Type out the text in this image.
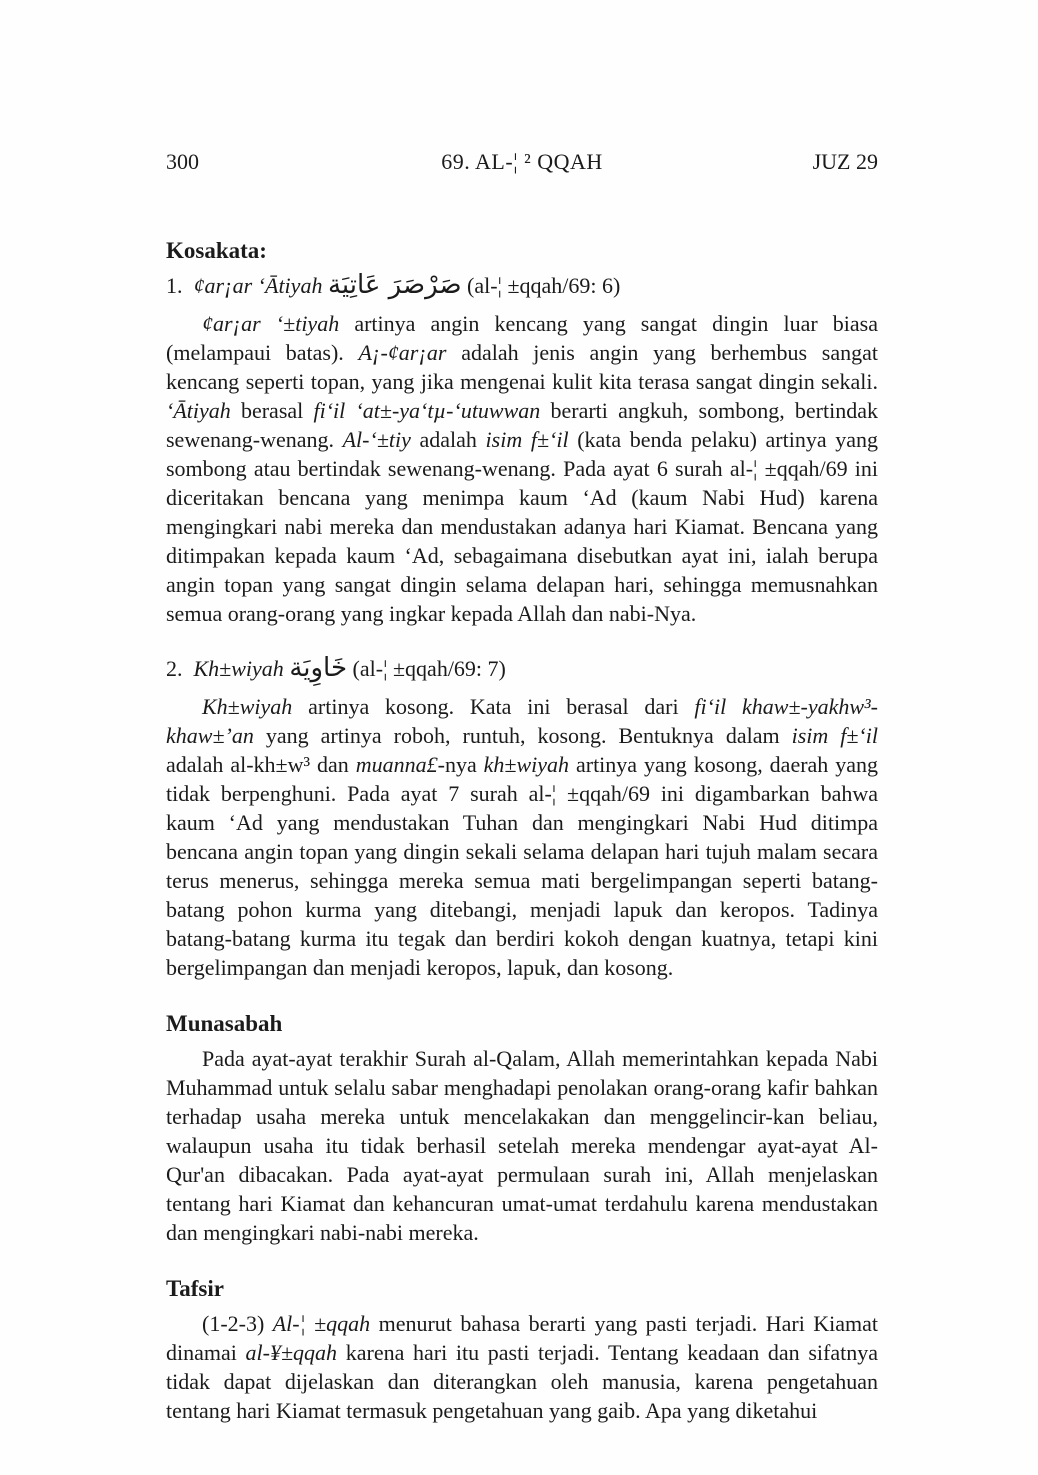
300	69. AL-¦ ² QQAH	JUZ 29
Kosakata:

1.  ¢ar¡ar ‘Ātiyah صَرْصَرَ عَاتِيَة (al-¦ ±qqah/69: 6)

¢ar¡ar ‘±tiyah artinya angin kencang yang sangat dingin luar biasa (melampaui batas). A¡-¢ar¡ar adalah jenis angin yang berhembus sangat kencang seperti topan, yang jika mengenai kulit kita terasa sangat dingin sekali. ‘Ātiyah berasal fi‘il ‘at±-ya‘tµ-‘utuwwan berarti angkuh, sombong, bertindak sewenang-wenang. Al-‘±tiy adalah isim f±‘il (kata benda pelaku) artinya yang sombong atau bertindak sewenang-wenang. Pada ayat 6 surah al-¦ ±qqah/69 ini diceritakan bencana yang menimpa kaum ‘Ad (kaum Nabi Hud) karena mengingkari nabi mereka dan mendustakan adanya hari Kiamat. Bencana yang ditimpakan kepada kaum ‘Ad, sebagaimana disebutkan ayat ini, ialah berupa angin topan yang sangat dingin selama delapan hari, sehingga memusnahkan semua orang-orang yang ingkar kepada Allah dan nabi-Nya.

2.  Kh±wiyah خَاوِيَة (al-¦ ±qqah/69: 7)

Kh±wiyah artinya kosong. Kata ini berasal dari fi‘il khaw±-yakhw³-khaw±’an yang artinya roboh, runtuh, kosong. Bentuknya dalam isim f±‘il adalah al-kh±w³ dan muanna£-nya kh±wiyah artinya yang kosong, daerah yang tidak berpenghuni. Pada ayat 7 surah al-¦ ±qqah/69 ini digambarkan bahwa kaum ‘Ad yang mendustakan Tuhan dan mengingkari Nabi Hud ditimpa bencana angin topan yang dingin sekali selama delapan hari tujuh malam secara terus menerus, sehingga mereka semua mati bergelimpangan seperti batang-batang pohon kurma yang ditebangi, menjadi lapuk dan keropos. Tadinya batang-batang kurma itu tegak dan berdiri kokoh dengan kuatnya, tetapi kini bergelimpangan dan menjadi keropos, lapuk, dan kosong.

Munasabah

Pada ayat-ayat terakhir Surah al-Qalam, Allah memerintahkan kepada Nabi Muhammad untuk selalu sabar menghadapi penolakan orang-orang kafir bahkan terhadap usaha mereka untuk mencelakakan dan menggelincir-kan beliau, walaupun usaha itu tidak berhasil setelah mereka mendengar ayat-ayat Al-Qur'an dibacakan. Pada ayat-ayat permulaan surah ini, Allah menjelaskan tentang hari Kiamat dan kehancuran umat-umat terdahulu karena mendustakan dan mengingkari nabi-nabi mereka.

Tafsir

(1-2-3) Al-¦ ±qqah menurut bahasa berarti yang pasti terjadi. Hari Kiamat dinamai al-¥±qqah karena hari itu pasti terjadi. Tentang keadaan dan sifatnya tidak dapat dijelaskan dan diterangkan oleh manusia, karena pengetahuan tentang hari Kiamat termasuk pengetahuan yang gaib. Apa yang diketahui
